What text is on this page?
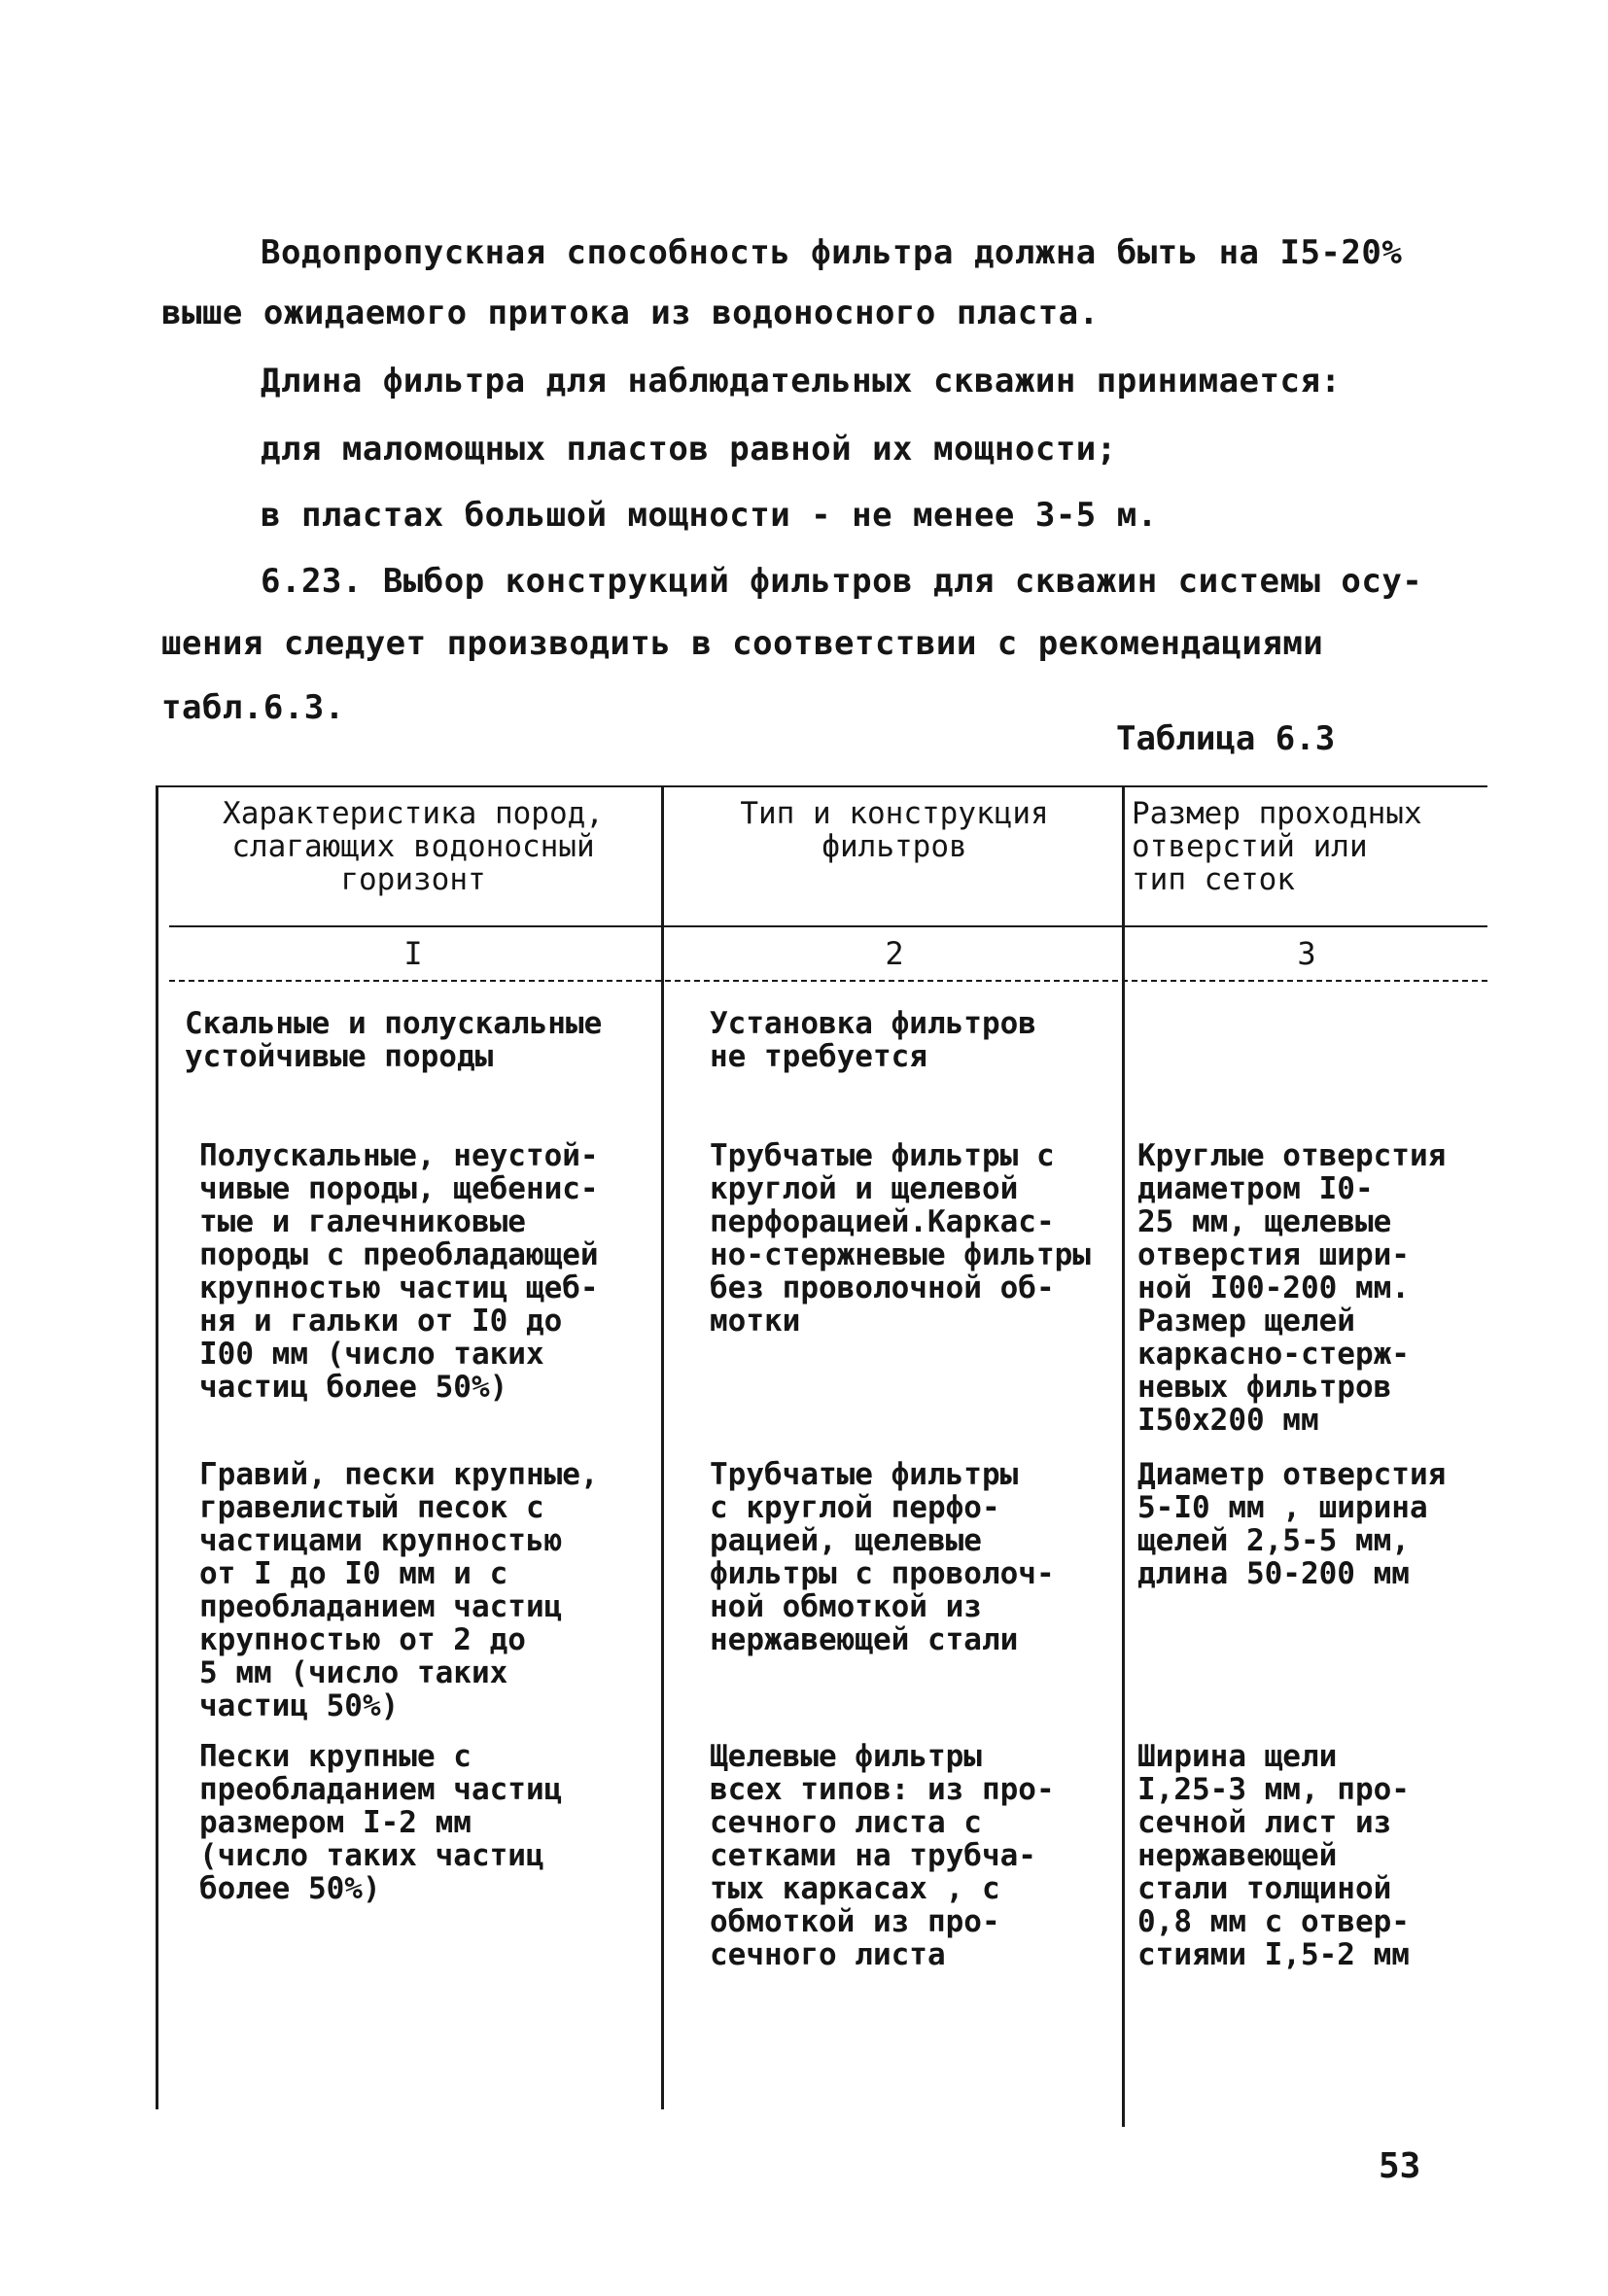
Водопропускная способность фильтра должна быть на I5-20%
выше ожидаемого притока из водоносного пласта.
Длина фильтра для наблюдательных скважин принимается:
для маломощных пластов равной их мощности;
в пластах большой мощности - не менее 3-5 м.
6.23. Выбор конструкций фильтров для скважин системы осу-
шения следует производить в соответствии с рекомендациями
табл.6.3.
Таблица 6.3
Характеристика пород,
слагающих водоносный
горизонт
Тип и конструкция
фильтров
Размер проходных
отверстий или
тип сеток
I	2	3
Скальные и полускальные
устойчивые породы
Установка фильтров
не требуется
Полускальные, неустой-
чивые породы, щебенис-
тые и галечниковые
породы с преобладающей
крупностью частиц щеб-
ня и гальки от I0 до
I00 мм (число таких
частиц более 50%)
Трубчатые фильтры с
круглой и щелевой
перфорацией.Каркас-
но-стержневые фильтры
без проволочной об-
мотки
Круглые отверстия
диаметром I0-
25 мм, щелевые
отверстия шири-
ной I00-200 мм.
Размер щелей
каркасно-стерж-
невых фильтров
I50x200 мм
Гравий, пески крупные,
гравелистый песок с
частицами крупностью
от I до I0 мм и с
преобладанием частиц
крупностью от 2 до
5 мм (число таких
частиц 50%)
Трубчатые фильтры
с круглой перфо-
рацией, щелевые
фильтры с проволоч-
ной обмоткой из
нержавеющей стали
Диаметр отверстия
5-I0 мм , ширина
щелей 2,5-5 мм,
длина 50-200 мм
Пески крупные с
преобладанием частиц
размером I-2 мм
(число таких частиц
более 50%)
Щелевые фильтры
всех типов: из про-
сечного листа с
сетками на трубча-
тых каркасах , с
обмоткой из про-
сечного листа
Ширина щели
I,25-3 мм, про-
сечной лист из
нержавеющей
стали толщиной
0,8 мм с отвер-
стиями I,5-2 мм
53
